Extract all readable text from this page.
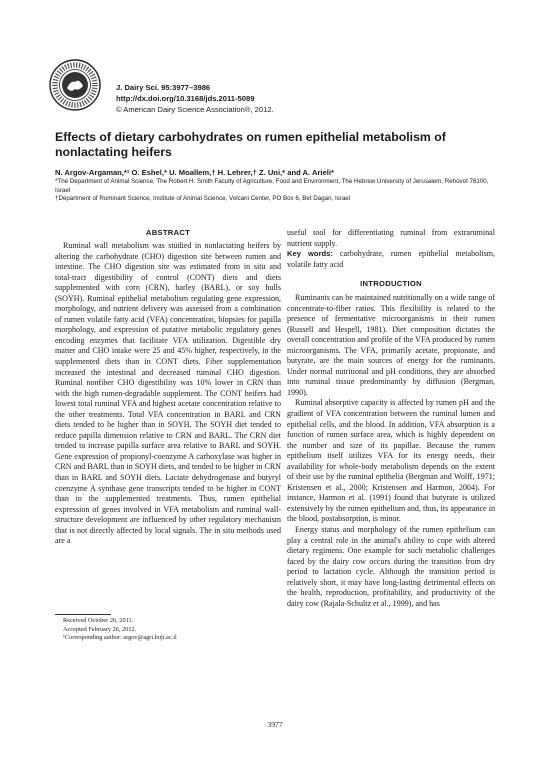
J. Dairy Sci. 95:3977–3986
http://dx.doi.org/10.3168/jds.2011-5089
© American Dairy Science Association®, 2012.
Effects of dietary carbohydrates on rumen epithelial metabolism of nonlactating heifers
N. Argov-Argaman,*¹ O. Eshel,* U. Moallem,† H. Lehrer,† Z. Uni,* and A. Arieli*
*The Department of Animal Science, The Robert H. Smith Faculty of Agriculture, Food and Environment, The Hebrew University of Jerusalem, Rehovot 76100, Israel
†Department of Ruminant Science, Institute of Animal Science, Volcani Center, PO Box 6, Bet Dagan, Israel
ABSTRACT
Ruminal wall metabolism was studied in nonlactating heifers by altering the carbohydrate (CHO) digestion site between rumen and intestine. The CHO digestion site was estimated from in situ and total-tract digestibility of control (CONT) diets and diets supplemented with corn (CRN), barley (BARL), or soy hulls (SOYH). Ruminal epithelial metabolism regulating gene expression, morphology, and nutrient delivery was assessed from a combination of rumen volatile fatty acid (VFA) concentration, biopsies for papilla morphology, and expression of putative metabolic regulatory genes encoding enzymes that facilitate VFA utilization. Digestible dry matter and CHO intake were 25 and 45% higher, respectively, in the supplemented diets than in CONT diets. Fiber supplementation increased the intestinal and decreased ruminal CHO digestion. Ruminal nonfiber CHO digestibility was 10% lower in CRN than with the high rumen-degradable supplement. The CONT heifers had lowest total ruminal VFA and highest acetate concentration relative to the other treatments. Total VFA concentration in BARL and CRN diets tended to be higher than in SOYH. The SOYH diet tended to reduce papilla dimension relative to CRN and BARL. The CRN diet tended to increase papilla surface area relative to BARL and SOYH. Gene expression of propionyl-coenzyme A carboxylase was higher in CRN and BARL than in SOYH diets, and tended to be higher in CRN than in BARL and SOYH diets. Lactate dehydrogenase and butyryl coenzyme A synthase gene transcripts tended to be higher in CONT than in the supplemented treatments. Thus, rumen epithelial expression of genes involved in VFA metabolism and ruminal wall-structure development are influenced by other regulatory mechanism that is not directly affected by local signals. The in situ methods used are a
Received October 26, 2011.
Accepted February 26, 2012.
¹Corresponding author: argov@agri.huji.ac.il
useful tool for differentiating ruminal from extraruminal nutrient supply.
Key words: carbohydrate, rumen epithelial metabolism, volatile fatty acid
INTRODUCTION

Ruminants can be maintained nutritionally on a wide range of concentrate-to-fiber ratios. This flexibility is related to the presence of fermentative microorganisms in their rumen (Russell and Hespell, 1981). Diet composition dictates the overall concentration and profile of the VFA produced by rumen microorganisms. The VFA, primarily acetate, propionate, and butyrate, are the main sources of energy for the ruminants. Under normal nutritional and pH conditions, they are absorbed into ruminal tissue predominantly by diffusion (Bergman, 1990).

Ruminal absorptive capacity is affected by rumen pH and the gradient of VFA concentration between the ruminal lumen and epithelial cells, and the blood. In addition, VFA absorption is a function of rumen surface area, which is highly dependent on the number and size of its papillae. Because the rumen epithelium itself utilizes VFA for its energy needs, their availability for whole-body metabolism depends on the extent of their use by the ruminal epithelia (Bergman and Wolff, 1971; Kristensen et al., 2000; Kristensen and Harmon, 2004). For instance, Harmon et al. (1991) found that butyrate is utilized extensively by the rumen epithelium and, thus, its appearance in the blood, postabsorption, is minor.

Energy status and morphology of the rumen epithelium can play a central role in the animal's ability to cope with altered dietary regimens. One example for such metabolic challenges faced by the dairy cow occurs during the transition from dry period to lactation cycle. Although the transition period is relatively short, it may have long-lasting detrimental effects on the health, reproduction, profitability, and productivity of the dairy cow (Rajala-Schultz et al., 1999), and has

3977
